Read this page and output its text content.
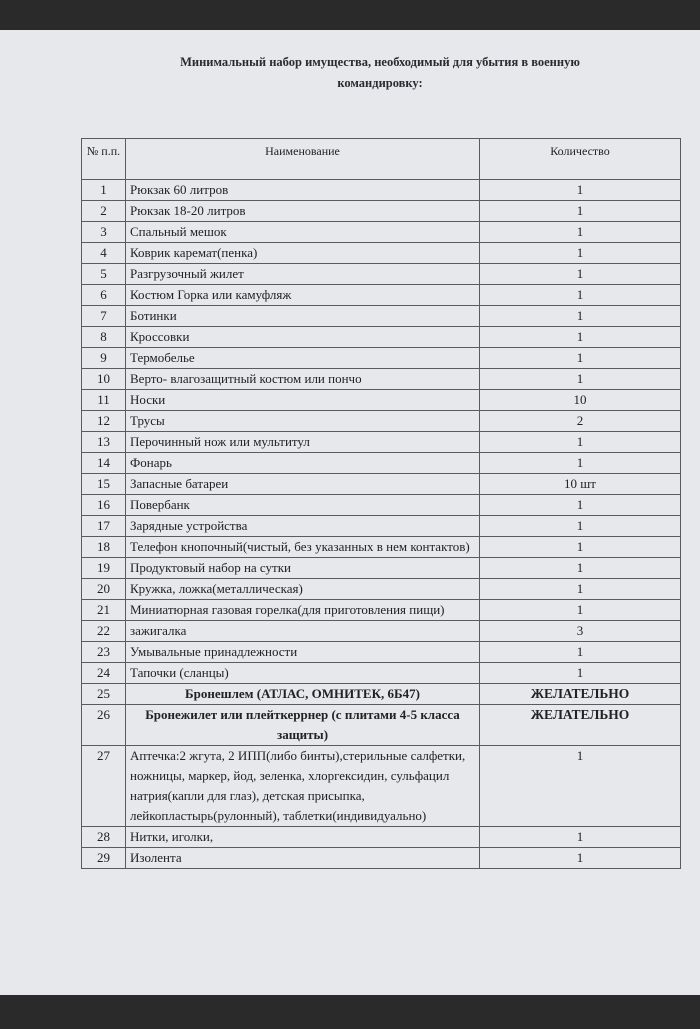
Минимальный набор имущества, необходимый для убытия в военную
командировку:
№ п.п.	Наименование	Количество
1	Рюкзак 60 литров	1
2	Рюкзак 18-20 литров	1
3	Спальный мешок	1
4	Коврик каремат(пенка)	1
5	Разгрузочный жилет	1
6	Костюм Горка или камуфляж	1
7	Ботинки	1
8	Кроссовки	1
9	Термобелье	1
10	Верто- влагозащитный костюм или пончо	1
11	Носки	10
12	Трусы	2
13	Перочинный нож или мультитул	1
14	Фонарь	1
15	Запасные батареи	10 шт
16	Повербанк	1
17	Зарядные устройства	1
18	Телефон кнопочный(чистый, без указанных в нем контактов)	1
19	Продуктовый набор на сутки	1
20	Кружка, ложка(металлическая)	1
21	Миниатюрная газовая горелка(для приготовления пищи)	1
22	зажигалка	3
23	Умывальные принадлежности	1
24	Тапочки (сланцы)	1
25	Бронешлем (АТЛАС, ОМНИТЕК, 6Б47)	ЖЕЛАТЕЛЬНО
26	Бронежилет или плейткеррнер (с плитами 4-5 класса защиты)	ЖЕЛАТЕЛЬНО
27	Аптечка:2 жгута, 2 ИПП(либо бинты),стерильные салфетки, ножницы, маркер, йод, зеленка, хлоргексидин, сульфацил натрия(капли для глаз), детская присыпка, лейкопластырь(рулонный), таблетки(индивидуально)	1
28	Нитки, иголки,	1
29	Изолента	1
